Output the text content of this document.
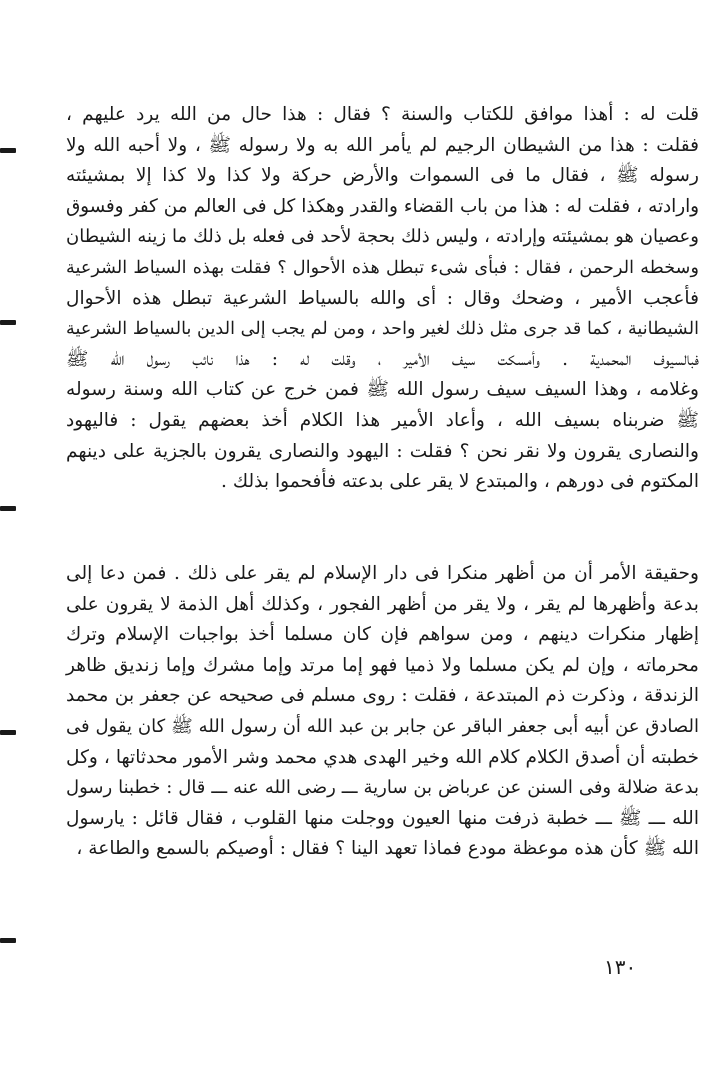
قلت له : أهذا موافق للكتاب والسنة ؟ فقال : هذا حال من الله يرد عليهم ،
فقلت : هذا من الشيطان الرجيم لم يأمر الله به ولا رسوله ﷺ ، ولا أحبه الله ولا
رسوله ﷺ ، فقال ما فى السموات والأرض حركة ولا كذا ولا كذا إلا بمشيئته
وارادته ، فقلت له : هذا من باب القضاء والقدر وهكذا كل فى العالم من كفر وفسوق
وعصيان هو بمشيئته وإرادته ، وليس ذلك بحجة لأحد فى فعله بل ذلك ما زينه الشيطان
وسخطه الرحمن ، فقال : فبأى شىء تبطل هذه الأحوال ؟ فقلت بهذه السياط الشرعية
فأعجب الأمير ، وضحك وقال : أى والله بالسياط الشرعية تبطل هذه الأحوال
الشيطانية ، كما قد جرى مثل ذلك لغير واحد ، ومن لم يجب إلى الدين بالسياط الشرعية
فبالسيوف المحمدية . وأمسكت سيف الأمير ، وقلت له : هذا نائب رسول الله ﷺ
وغلامه ، وهذا السيف سيف رسول الله ﷺ فمن خرج عن كتاب الله وسنة رسوله
ﷺ ضربناه بسيف الله ، وأعاد الأمير هذا الكلام أخذ بعضهم يقول : فاليهود
والنصارى يقرون ولا نقر نحن ؟ فقلت : اليهود والنصارى يقرون بالجزية على دينهم
المكتوم فى دورهم ، والمبتدع لا يقر على بدعته فأفحموا بذلك .
وحقيقة الأمر أن من أظهر منكرا فى دار الإسلام لم يقر على ذلك . فمن دعا إلى
بدعة وأظهرها لم يقر ، ولا يقر من أظهر الفجور ، وكذلك أهل الذمة لا يقرون على
إظهار منكرات دينهم ، ومن سواهم فإن كان مسلما أخذ بواجبات الإسلام وترك
محرماته ، وإن لم يكن مسلما ولا ذميا فهو إما مرتد وإما مشرك وإما زنديق ظاهر
الزندقة ، وذكرت ذم المبتدعة ، فقلت : روى مسلم فى صحيحه عن جعفر بن محمد
الصادق عن أبيه أبى جعفر الباقر عن جابر بن عبد الله أن رسول الله ﷺ كان يقول فى
خطبته أن أصدق الكلام كلام الله وخير الهدى هدي محمد وشر الأمور محدثاتها ، وكل
بدعة ضلالة وفى السنن عن عرباض بن سارية ـــ رضى الله عنه ـــ قال : خطبنا رسول
الله ـــ ﷺ ـــ خطبة ذرفت منها العيون ووجلت منها القلوب ، فقال قائل : يارسول
الله ﷺ كأن هذه موعظة مودع فماذا تعهد الينا ؟ فقال : أوصيكم بالسمع والطاعة ،
١٣٠
